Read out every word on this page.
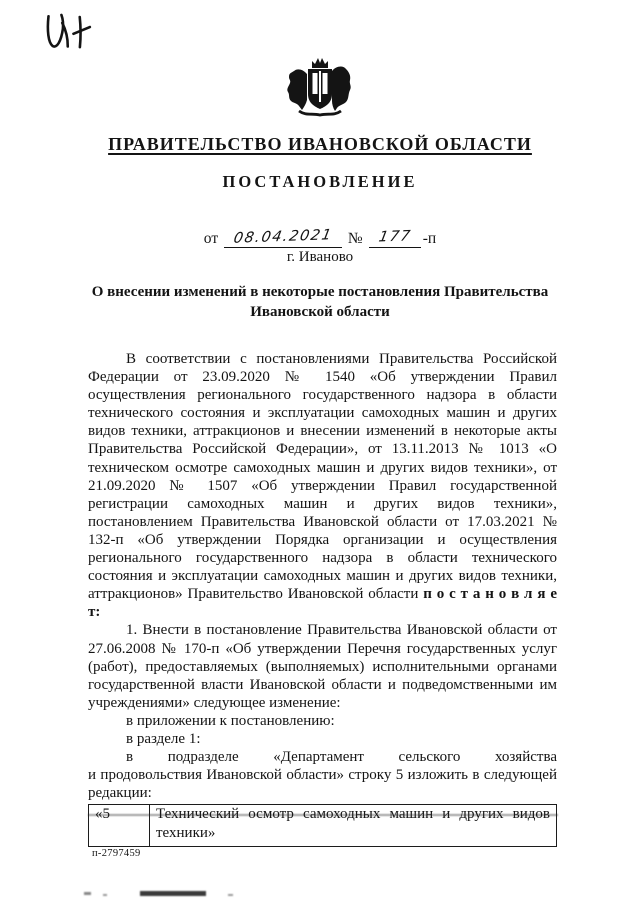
ПРАВИТЕЛЬСТВО ИВАНОВСКОЙ ОБЛАСТИ
ПОСТАНОВЛЕНИЕ
от 08.04.2021 № 177 -п
г. Иваново
О внесении изменений в некоторые постановления Правительства Ивановской области

В соответствии с постановлениями Правительства Российской Федерации от 23.09.2020 № 1540 «Об утверждении Правил осуществления регионального государственного надзора в области технического состояния и эксплуатации самоходных машин и других видов техники, аттракционов и внесении изменений в некоторые акты Правительства Российской Федерации», от 13.11.2013 № 1013 «О техническом осмотре самоходных машин и других видов техники», от 21.09.2020 № 1507 «Об утверждении Правил государственной регистрации самоходных машин и других видов техники», постановлением Правительства Ивановской области от 17.03.2021 № 132-п «Об утверждении Порядка организации и осуществления регионального государственного надзора в области технического состояния и эксплуатации самоходных машин и других видов техники, аттракционов» Правительство Ивановской области п о с т а н о в л я е т:

1. Внести в постановление Правительства Ивановской области от 27.06.2008 № 170-п «Об утверждении Перечня государственных услуг (работ), предоставляемых (выполняемых) исполнительными органами государственной власти Ивановской области и подведомственными им учреждениями» следующее изменение:

в приложении к постановлению:

в разделе 1:

в подразделе «Департамент сельского хозяйства

и продовольствия Ивановской области» строку 5 изложить в следующей редакции:

«5	Технический осмотр самоходных машин и других видов техники»
п-2797459
